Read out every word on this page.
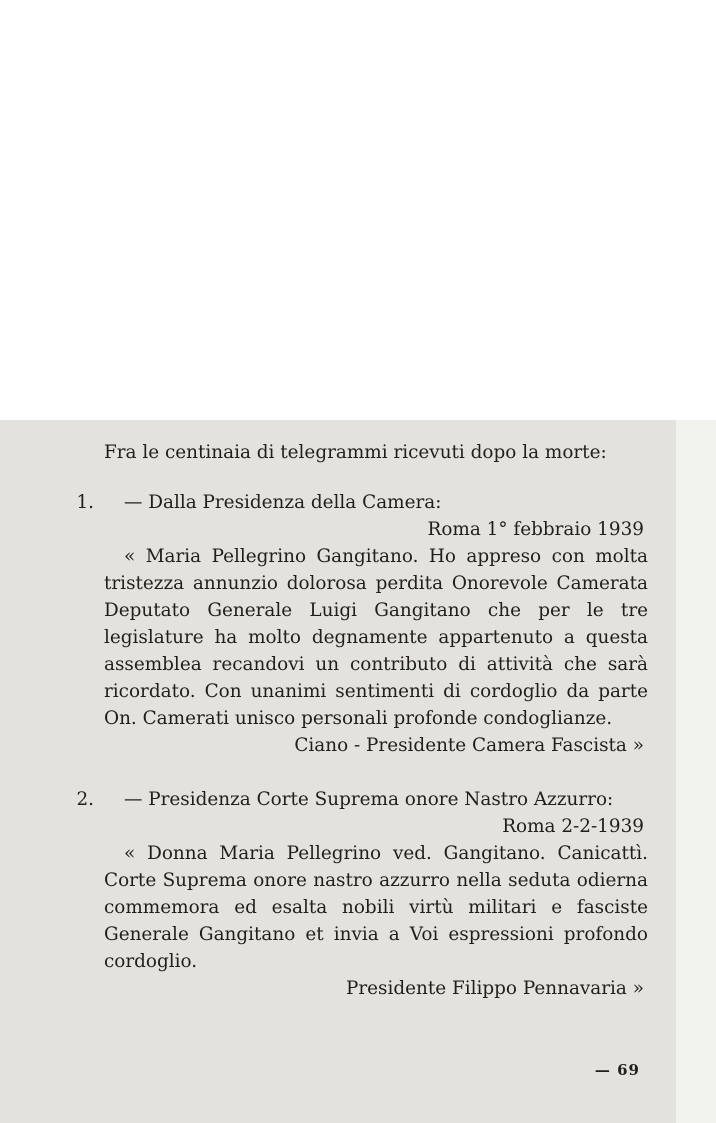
Fra le centinaia di telegrammi ricevuti dopo la morte:

1. — Dalla Presidenza della Camera:

Roma 1° febbraio 1939

« Maria Pellegrino Gangitano. Ho appreso con molta tristezza annunzio dolorosa perdita Onorevole Camerata Deputato Generale Luigi Gangitano che per le tre legislature ha molto degnamente appartenuto a questa assemblea recandovi un contributo di attività che sarà ricordato. Con unanimi sentimenti di cordoglio da parte On. Camerati unisco personali profonde condoglianze.

Ciano - Presidente Camera Fascista »

2. — Presidenza Corte Suprema onore Nastro Azzurro:

Roma 2-2-1939

« Donna Maria Pellegrino ved. Gangitano. Canicattì. Corte Suprema onore nastro azzurro nella seduta odierna commemora ed esalta nobili virtù militari e fasciste Generale Gangitano et invia a Voi espressioni profondo cordoglio.

Presidente Filippo Pennavaria »

— 69
